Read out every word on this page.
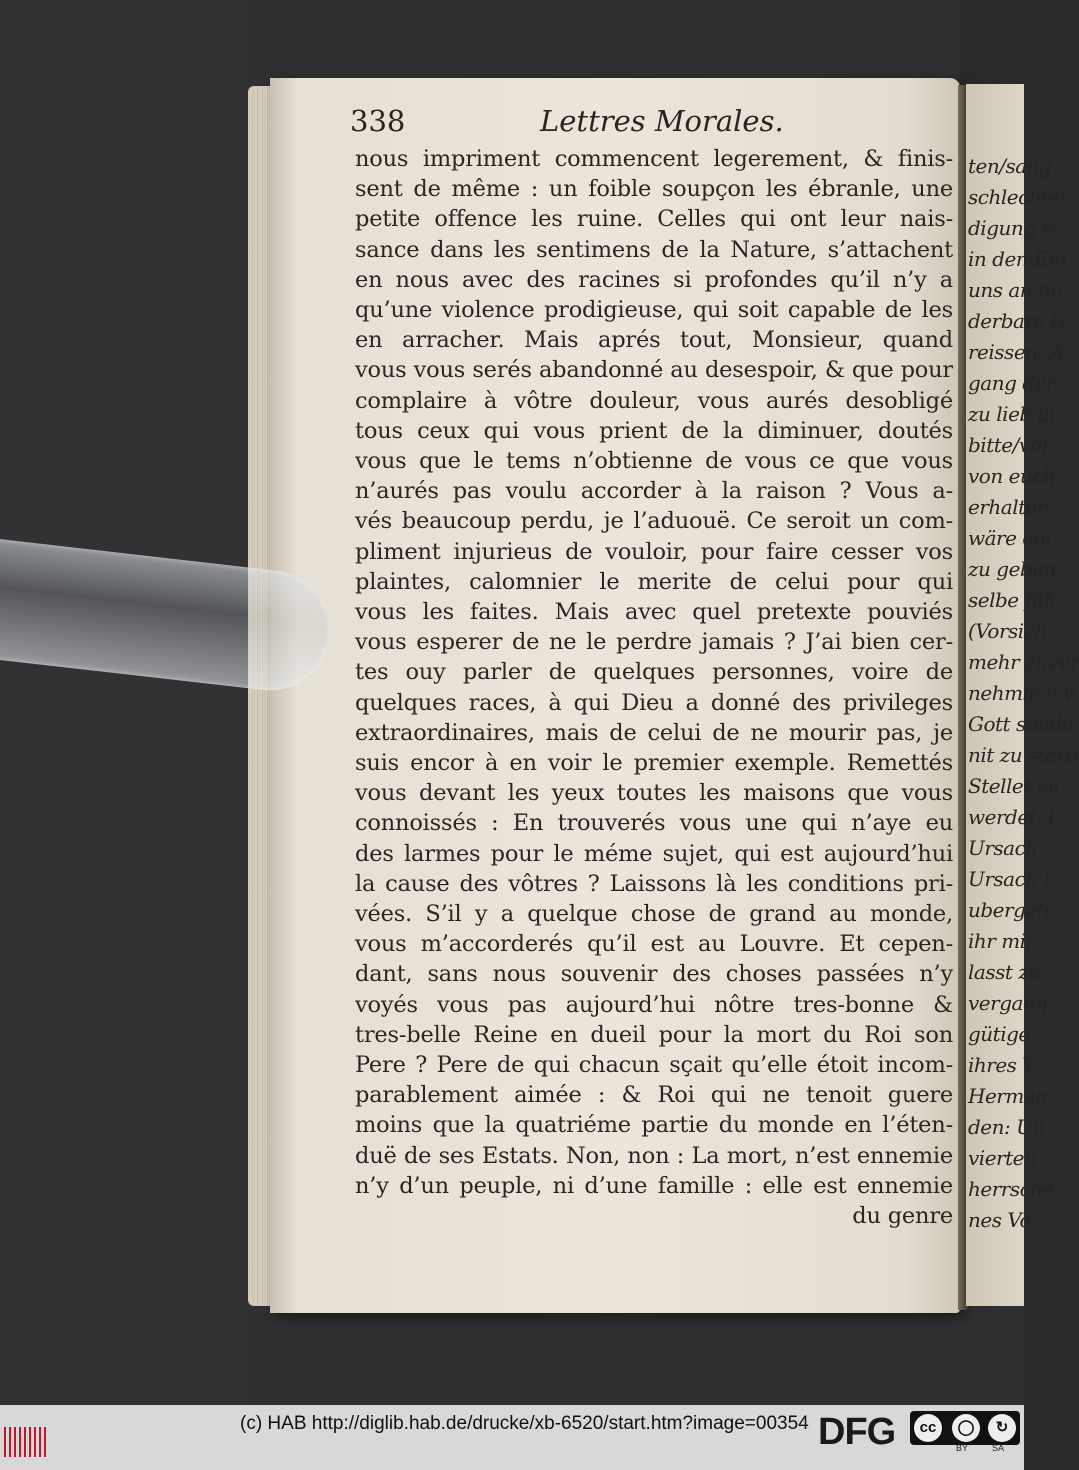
ten/sang
schlechter
digung ri
in den Em
uns an mi
derbare G
reissen. A
gang der
zu lieb al
bitte/vor
von euch
erhalten
wäre ein
zu geben,
selbe füh
(Vorsich
mehr zuver
nehmlich v
Gott sonde
nit zu sterb
Stellet eu
werdet: i
Ursach
Ursach i
ubergeh
ihr mir
lasst zu
vergang
gütige
ihres V
Herman
den: Un
vierten
herrsche
nes Vo
338	Lettres Morales.
nous impriment commencent legerement, & finis-
sent de même : un foible soupçon les ébranle, une
petite offence les ruine. Celles qui ont leur nais-
sance dans les sentimens de la Nature, s’attachent
en nous avec des racines si profondes qu’il n’y a
qu’une violence prodigieuse, qui soit capable de les
en arracher. Mais aprés tout, Monsieur, quand
vous vous serés abandonné au desespoir, & que pour
complaire à vôtre douleur, vous aurés desobligé
tous ceux qui vous prient de la diminuer, doutés
vous que le tems n’obtienne de vous ce que vous
n’aurés pas voulu accorder à la raison ? Vous a-
vés beaucoup perdu, je l’aduouë. Ce seroit un com-
pliment injurieus de vouloir, pour faire cesser vos
plaintes, calomnier le merite de celui pour qui
vous les faites. Mais avec quel pretexte pouviés
vous esperer de ne le perdre jamais ? J’ai bien cer-
tes ouy parler de quelques personnes, voire de
quelques races, à qui Dieu a donné des privileges
extraordinaires, mais de celui de ne mourir pas, je
suis encor à en voir le premier exemple. Remettés
vous devant les yeux toutes les maisons que vous
connoissés : En trouverés vous une qui n’aye eu
des larmes pour le méme sujet, qui est aujourd’hui
la cause des vôtres ? Laissons là les conditions pri-
vées. S’il y a quelque chose de grand au monde,
vous m’accorderés qu’il est au Louvre. Et cepen-
dant, sans nous souvenir des choses passées n’y
voyés vous pas aujourd’hui nôtre tres-bonne &
tres-belle Reine en dueil pour la mort du Roi son
Pere ? Pere de qui chacun sçait qu’elle étoit incom-
parablement aimée : & Roi qui ne tenoit guere
moins que la quatriéme partie du monde en l’éten-
duë de ses Estats. Non, non : La mort, n’est ennemie
n’y d’un peuple, ni d’une famille : elle est ennemie
du genre
(c) HAB http://diglib.hab.de/drucke/xb-6520/start.htm?image=00354 DFG	cc	◯	↻
BY	SA
